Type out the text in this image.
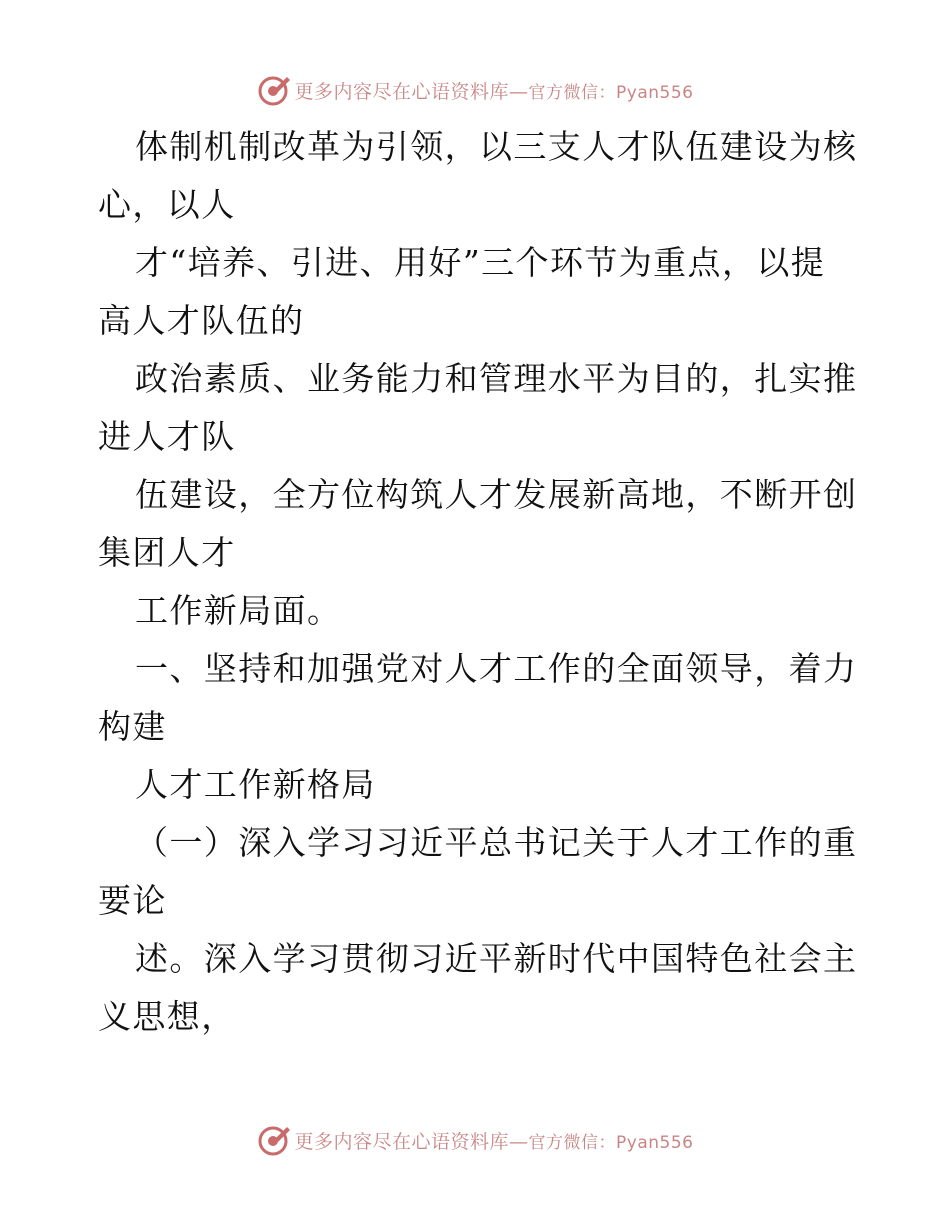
更多内容尽在心语资料库— 官方微信：Pyan556
体制机制改革为引领，以三支人才队伍建设为核
心，以人
才“培养、引进、用好”三个环节为重点，以提
高人才队伍的
政治素质、业务能力和管理水平为目的，扎实推
进人才队
伍建设，全方位构筑人才发展新高地，不断开创
集团人才
工作新局面。
一、坚持和加强党对人才工作的全面领导，着力
构建
人才工作新格局
（一）深入学习习近平总书记关于人才工作的重
要论
述。深入学习贯彻习近平新时代中国特色社会主
义思想，
更多内容尽在心语资料库— 官方微信：Pyan556
